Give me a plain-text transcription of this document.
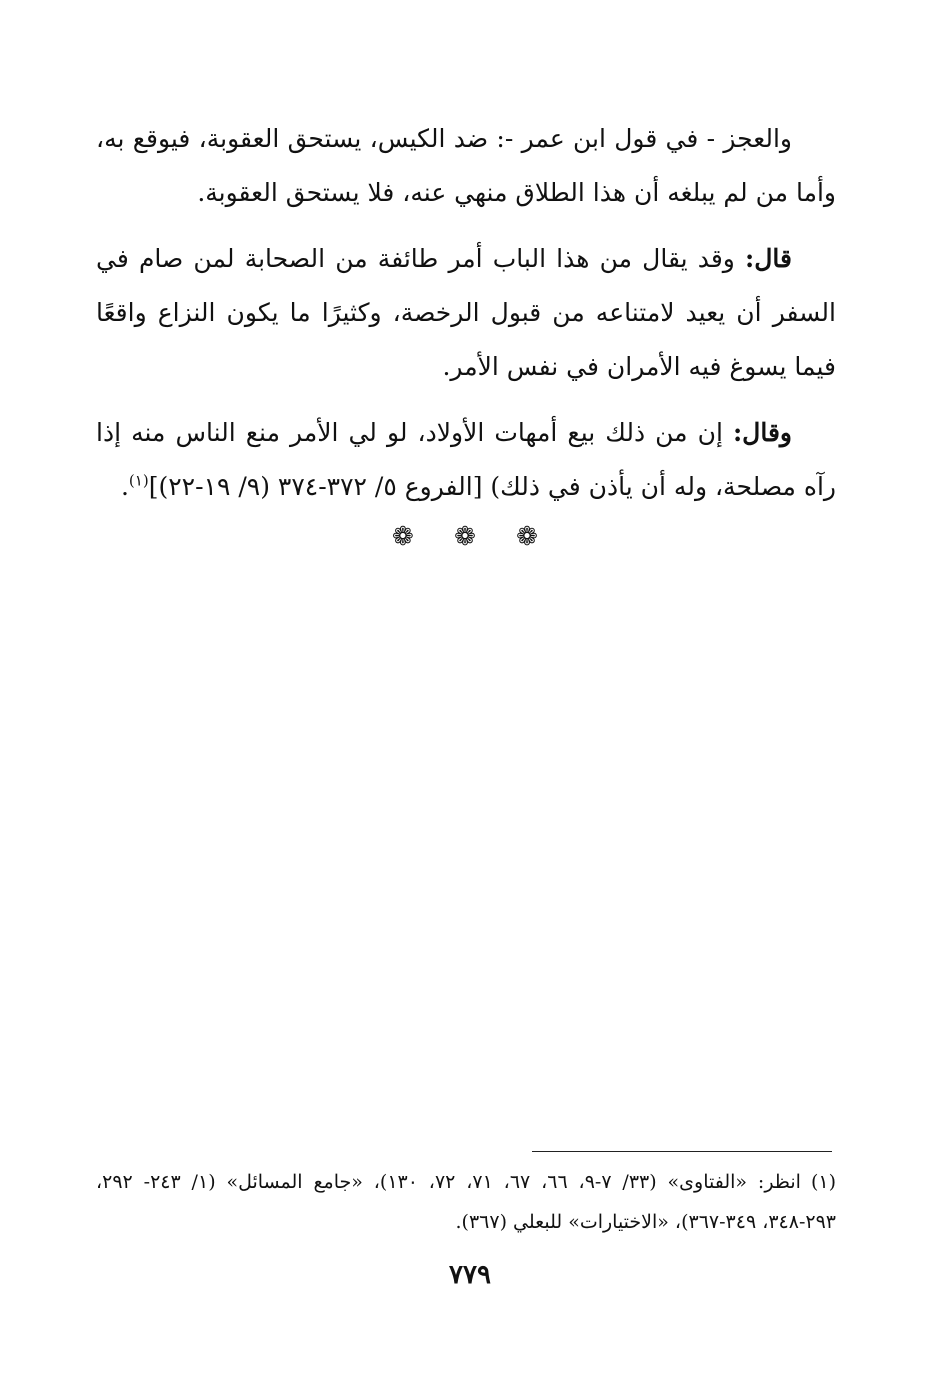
والعجز - في قول ابن عمر -: ضد الكيس، يستحق العقوبة، فيوقع به، وأما من لم يبلغه أن هذا الطلاق منهي عنه، فلا يستحق العقوبة.

قال: وقد يقال من هذا الباب أمر طائفة من الصحابة لمن صام في السفر أن يعيد لامتناعه من قبول الرخصة، وكثيرًا ما يكون النزاع واقعًا فيما يسوغ فيه الأمران في نفس الأمر.

وقال: إن من ذلك بيع أمهات الأولاد، لو لي الأمر منع الناس منه إذا رآه مصلحة، وله أن يأذن في ذلك) [الفروع ٥/ ٣٧٢-٣٧٤ (٩/ ١٩-٢٢)]$^{(١)}$.

❁ ❁ ❁

(١)انظر: «الفتاوى» (٣٣/ ٧-٩، ٦٦، ٦٧، ٧١، ٧٢، ١٣٠)، «جامع المسائل» (١/ ٢٤٣- ٢٩٢، ٢٩٣-٣٤٨، ٣٤٩-٣٦٧)، «الاختيارات» للبعلي (٣٦٧).

٧٧٩
